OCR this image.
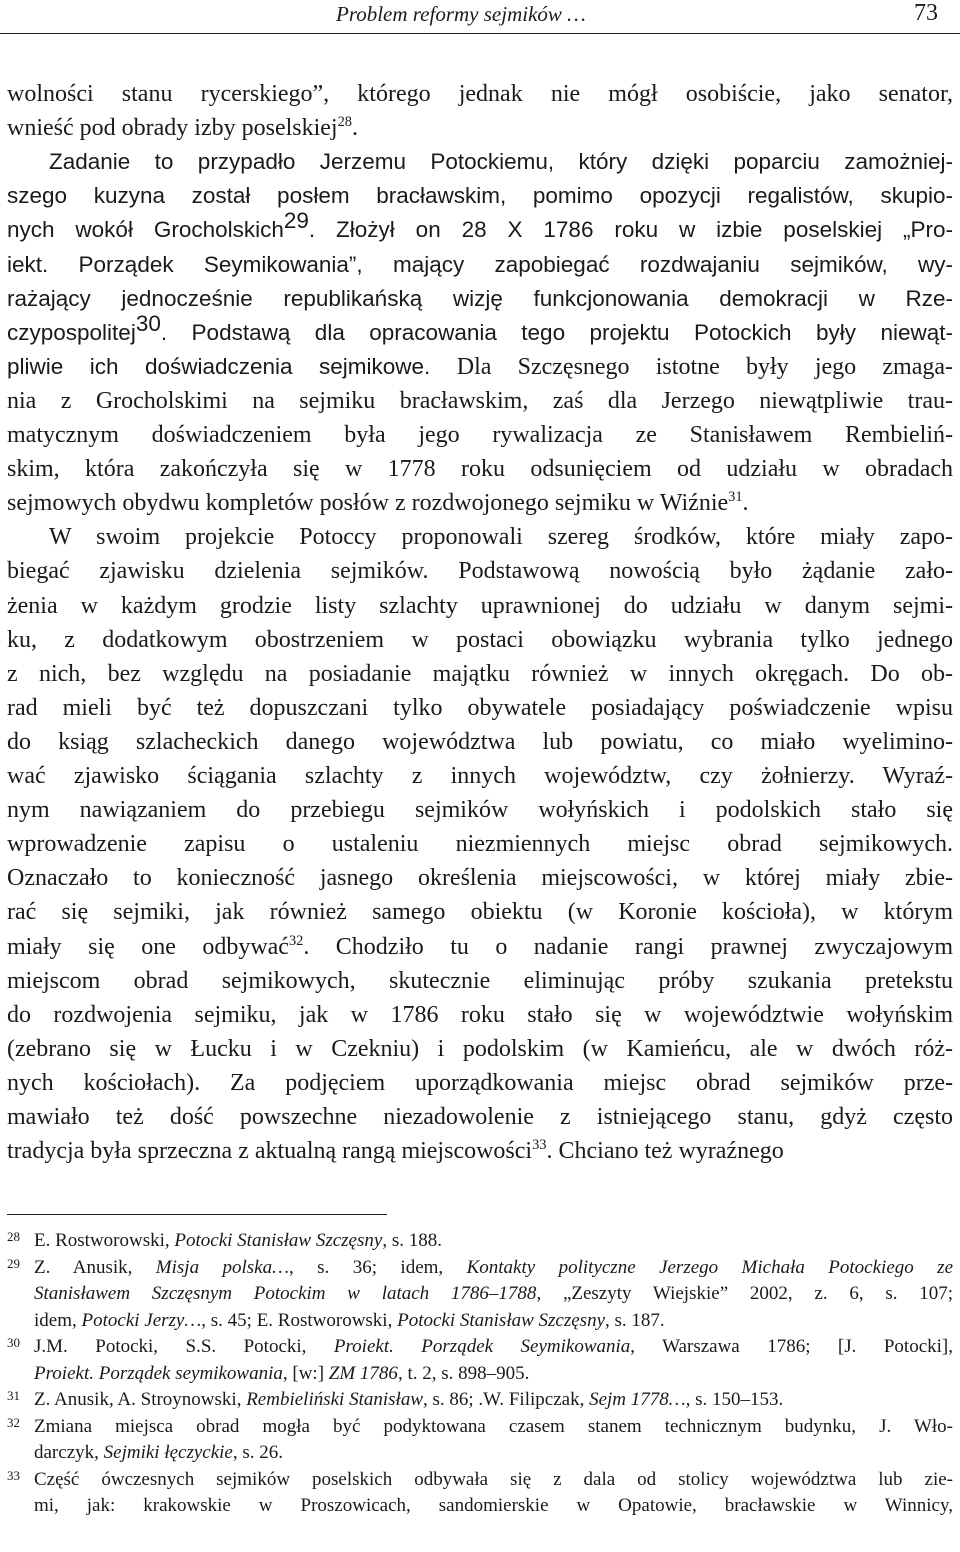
Problem reformy sejmików …	73
wolności stanu rycerskiego”, którego jednak nie mógł osobiście, jako senator,
wnieść pod obrady izby poselskiej$^{28}$.
Zadanie to przypadło Jerzemu Potockiemu, który dzięki poparciu zamożniej-
szego kuzyna został posłem bracławskim, pomimo opozycji regalistów, skupio-
nych wokół Grocholskich$^{29}$. Złożył on 28 X 1786 roku w izbie poselskiej „Pro-
iekt. Porządek Seymikowania”, mający zapobiegać rozdwajaniu sejmików, wy-
rażający jednocześnie republikańską wizję funkcjonowania demokracji w Rze-
czypospolitej$^{30}$. Podstawą dla opracowania tego projektu Potockich były niewąt-
pliwie ich doświadczenia sejmikowe. Dla Szczęsnego istotne były jego zmaga-
nia z Grocholskimi na sejmiku bracławskim, zaś dla Jerzego niewątpliwie trau-
matycznym doświadczeniem była jego rywalizacja ze Stanisławem Rembieliń-
skim, która zakończyła się w 1778 roku odsunięciem od udziału w obradach
sejmowych obydwu kompletów posłów z rozdwojonego sejmiku w Wiźnie$^{31}$.
W swoim projekcie Potoccy proponowali szereg środków, które miały zapo-
biegać zjawisku dzielenia sejmików. Podstawową nowością było żądanie zało-
żenia w każdym grodzie listy szlachty uprawnionej do udziału w danym sejmi-
ku, z dodatkowym obostrzeniem w postaci obowiązku wybrania tylko jednego
z nich, bez względu na posiadanie majątku również w innych okręgach. Do ob-
rad mieli być też dopuszczani tylko obywatele posiadający poświadczenie wpisu
do ksiąg szlacheckich danego województwa lub powiatu, co miało wyelimino-
wać zjawisko ściągania szlachty z innych województw, czy żołnierzy. Wyraź-
nym nawiązaniem do przebiegu sejmików wołyńskich i podolskich stało się
wprowadzenie zapisu o ustaleniu niezmiennych miejsc obrad sejmikowych.
Oznaczało to konieczność jasnego określenia miejscowości, w której miały zbie-
rać się sejmiki, jak również samego obiektu (w Koronie kościoła), w którym
miały się one odbywać$^{32}$. Chodziło tu o nadanie rangi prawnej zwyczajowym
miejscom obrad sejmikowych, skutecznie eliminując próby szukania pretekstu
do rozdwojenia sejmiku, jak w 1786 roku stało się w województwie wołyńskim
(zebrano się w Łucku i w Czekniu) i podolskim (w Kamieńcu, ale w dwóch róż-
nych kościołach). Za podjęciem uporządkowania miejsc obrad sejmików prze-
mawiało też dość powszechne niezadowolenie z istniejącego stanu, gdyż często
tradycja była sprzeczna z aktualną rangą miejscowości$^{33}$. Chciano też wyraźnego
28 E. Rostworowski, Potocki Stanisław Szczęsny, s. 188.
29 Z. Anusik, Misja polska…, s. 36; idem, Kontakty polityczne Jerzego Michała Potockiego ze
Stanisławem Szczęsnym Potockim w latach 1786–1788, „Zeszyty Wiejskie” 2002, z. 6, s. 107;
idem, Potocki Jerzy…, s. 45; E. Rostworowski, Potocki Stanisław Szczęsny, s. 187.
30 J.M. Potocki, S.S. Potocki, Proiekt. Porządek Seymikowania, Warszawa 1786; [J. Potocki],
Proiekt. Porządek seymikowania, [w:] ZM 1786, t. 2, s. 898–905.
31 Z. Anusik, A. Stroynowski, Rembieliński Stanisław, s. 86; .W. Filipczak, Sejm 1778…, s. 150–153.
32 Zmiana miejsca obrad mogła być podyktowana czasem stanem technicznym budynku, J. Wło-
darczyk, Sejmiki łęczyckie, s. 26.
33 Część ówczesnych sejmików poselskich odbywała się z dala od stolicy województwa lub zie-
mi, jak: krakowskie w Proszowicach, sandomierskie w Opatowie, bracławskie w Winnicy,
